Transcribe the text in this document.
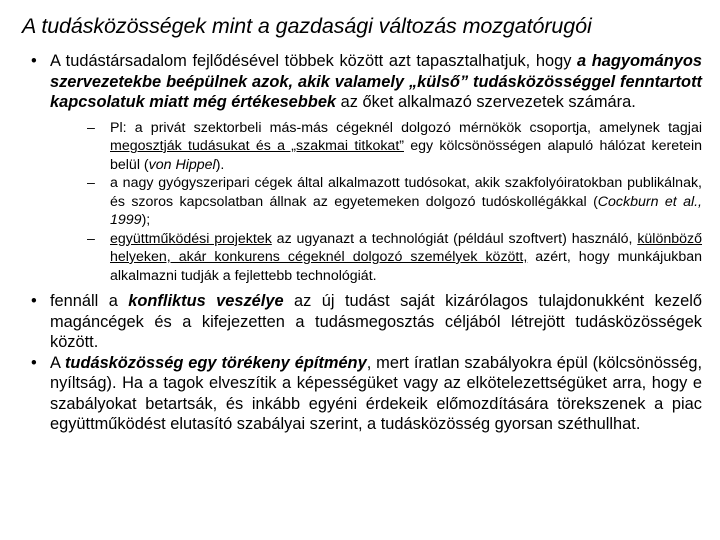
A tudásközösségek mint a gazdasági változás mozgatórugói
• A tudástársadalom fejlődésével többek között azt tapasztalhatjuk, hogy a hagyományos szervezetekbe beépülnek azok, akik valamely „külső” tudásközösséggel fenntartott kapcsolatuk miatt még értékesebbek az őket alkalmazó szervezetek számára.
– Pl: a privát szektorbeli más-más cégeknél dolgozó mérnökök csoportja, amelynek tagjai megosztják tudásukat és a „szakmai titkokat” egy kölcsönösségen alapuló hálózat keretein belül (von Hippel).
– a nagy gyógyszeripari cégek által alkalmazott tudósokat, akik szakfolyóiratokban publikálnak, és szoros kapcsolatban állnak az egyetemeken dolgozó tudóskollégákkal (Cockburn et al., 1999);
– együttműködési projektek az ugyanazt a technológiát (például szoftvert) használó, különböző helyeken, akár konkurens cégeknél dolgozó személyek között, azért, hogy munkájukban alkalmazni tudják a fejlettebb technológiát.
• fennáll a konfliktus veszélye az új tudást saját kizárólagos tulajdonukként kezelő magáncégek és a kifejezetten a tudásmegosztás céljából létrejött tudásközösségek között.
• A tudásközösség egy törékeny építmény, mert íratlan szabályokra épül (kölcsönösség, nyíltság). Ha a tagok elveszítik a képességüket vagy az elkötelezettségüket arra, hogy e szabályokat betartsák, és inkább egyéni érdekeik előmozdítására törekszenek a piac együttműködést elutasító szabályai szerint, a tudásközösség gyorsan széthullhat.
